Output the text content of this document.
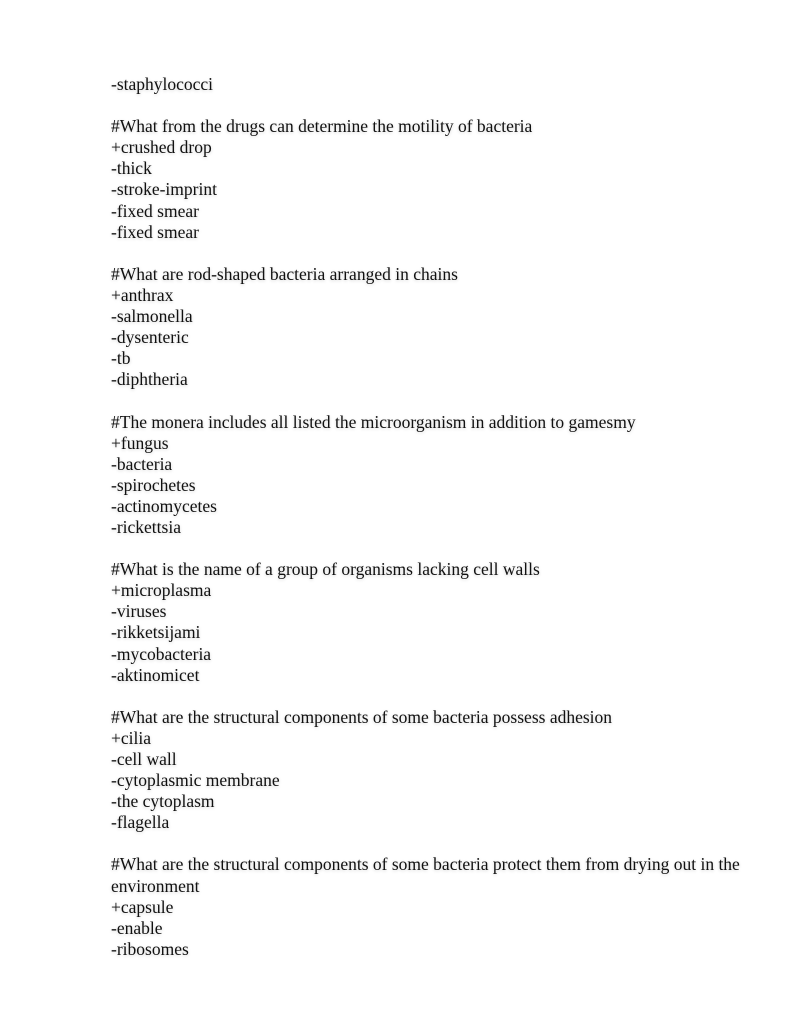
-staphylococci
#What from the drugs can determine the motility of bacteria
+crushed drop
-thick
-stroke-imprint
-fixed smear
-fixed smear
#What are rod-shaped bacteria arranged in chains
+anthrax
-salmonella
-dysenteric
-tb
-diphtheria
#The monera includes all listed the microorganism in addition to gamesmy
+fungus
-bacteria
-spirochetes
-actinomycetes
-rickettsia
#What is the name of a group of organisms lacking cell walls
+microplasma
-viruses
-rikketsijami
-mycobacteria
-aktinomicet
#What are the structural components of some bacteria possess adhesion
+cilia
-cell wall
-cytoplasmic membrane
-the cytoplasm
-flagella
#What are the structural components of some bacteria protect them from drying out in the environment
+capsule
-enable
-ribosomes
